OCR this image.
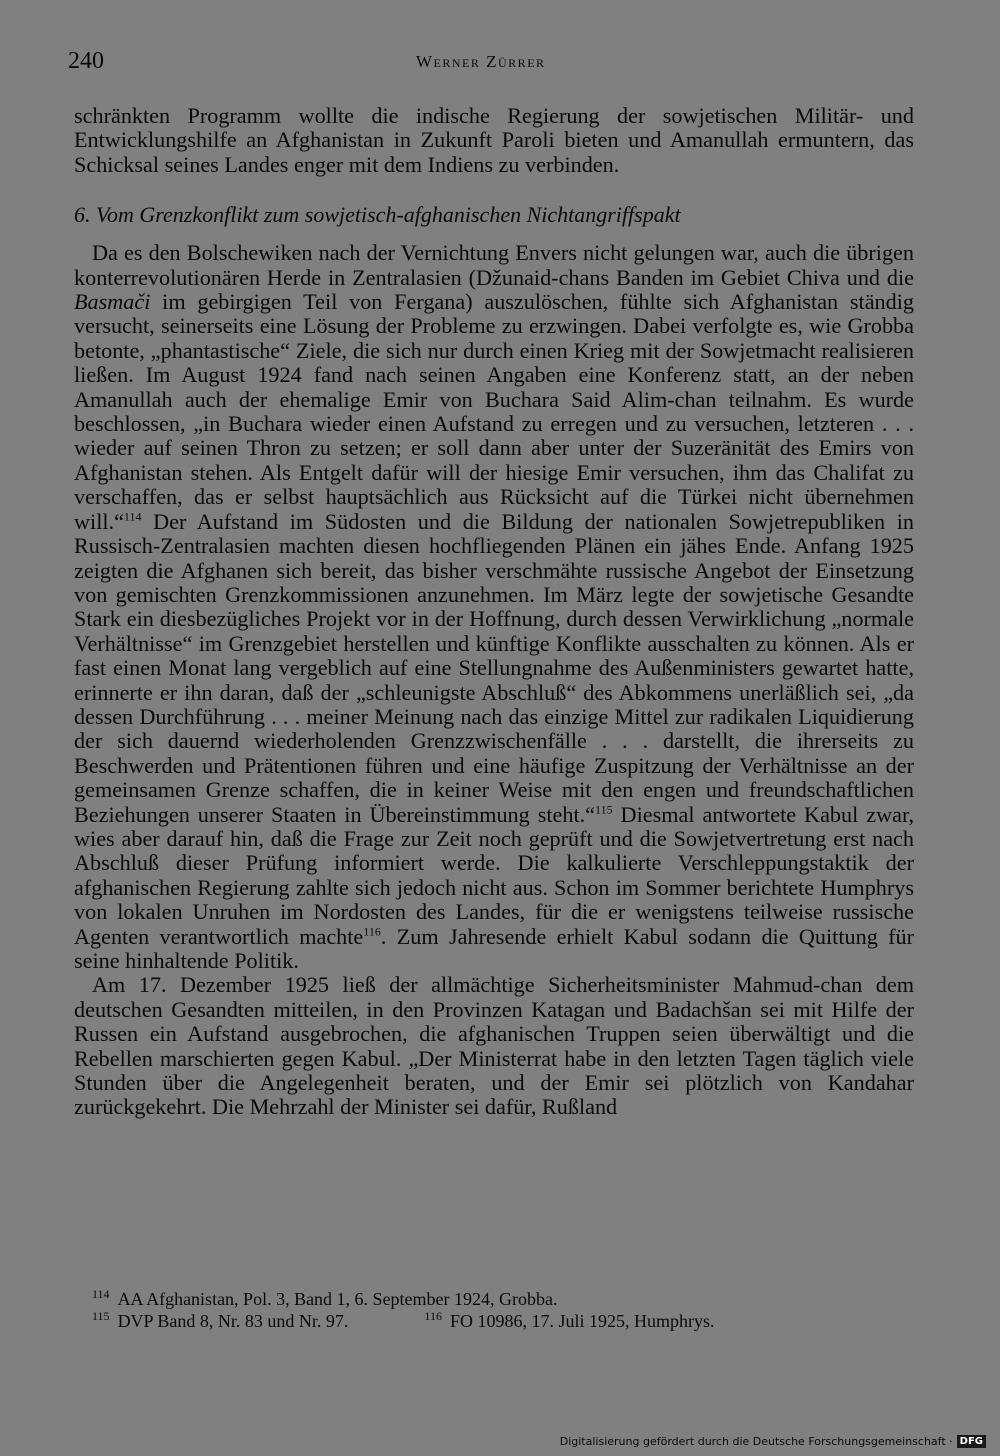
240	Werner Zürrer

schränkten Programm wollte die indische Regierung der sowjetischen Militär- und Entwicklungshilfe an Afghanistan in Zukunft Paroli bieten und Amanullah ermuntern, das Schicksal seines Landes enger mit dem Indiens zu verbinden.

6. Vom Grenzkonflikt zum sowjetisch-afghanischen Nichtangriffspakt

Da es den Bolschewiken nach der Vernichtung Envers nicht gelungen war, auch die übrigen konterrevolutionären Herde in Zentralasien (Džunaid-chans Banden im Gebiet Chiva und die Basmači im gebirgigen Teil von Fergana) auszulöschen, fühlte sich Afghanistan ständig versucht, seinerseits eine Lösung der Probleme zu erzwingen. Dabei verfolgte es, wie Grobba betonte, „phantastische“ Ziele, die sich nur durch einen Krieg mit der Sowjetmacht realisieren ließen. Im August 1924 fand nach seinen Angaben eine Konferenz statt, an der neben Amanullah auch der ehemalige Emir von Buchara Said Alim-chan teilnahm. Es wurde beschlossen, „in Buchara wieder einen Aufstand zu erregen und zu versuchen, letzteren . . . wieder auf seinen Thron zu setzen; er soll dann aber unter der Suzeränität des Emirs von Afghanistan stehen. Als Entgelt dafür will der hiesige Emir versuchen, ihm das Chalifat zu verschaffen, das er selbst hauptsächlich aus Rücksicht auf die Türkei nicht übernehmen will.“$^{114}$ Der Aufstand im Südosten und die Bildung der nationalen Sowjetrepubliken in Russisch-Zentralasien machten diesen hochfliegenden Plänen ein jähes Ende. Anfang 1925 zeigten die Afghanen sich bereit, das bisher verschmähte russische Angebot der Einsetzung von gemischten Grenzkommissionen anzunehmen. Im März legte der sowjetische Gesandte Stark ein diesbezügliches Projekt vor in der Hoffnung, durch dessen Verwirklichung „normale Verhältnisse“ im Grenzgebiet herstellen und künftige Konflikte ausschalten zu können. Als er fast einen Monat lang vergeblich auf eine Stellungnahme des Außenministers gewartet hatte, erinnerte er ihn daran, daß der „schleunigste Abschluß“ des Abkommens unerläßlich sei, „da dessen Durchführung . . . meiner Meinung nach das einzige Mittel zur radikalen Liquidierung der sich dauernd wiederholenden Grenzzwischenfälle . . . darstellt, die ihrerseits zu Beschwerden und Prätentionen führen und eine häufige Zuspitzung der Verhältnisse an der gemeinsamen Grenze schaffen, die in keiner Weise mit den engen und freundschaftlichen Beziehungen unserer Staaten in Übereinstimmung steht.“$^{115}$ Diesmal antwortete Kabul zwar, wies aber darauf hin, daß die Frage zur Zeit noch geprüft und die Sowjetvertretung erst nach Abschluß dieser Prüfung informiert werde. Die kalkulierte Verschleppungstaktik der afghanischen Regierung zahlte sich jedoch nicht aus. Schon im Sommer berichtete Humphrys von lokalen Unruhen im Nordosten des Landes, für die er wenigstens teilweise russische Agenten verantwortlich machte$^{116}$. Zum Jahresende erhielt Kabul sodann die Quittung für seine hinhaltende Politik.

Am 17. Dezember 1925 ließ der allmächtige Sicherheitsminister Mahmud-chan dem deutschen Gesandten mitteilen, in den Provinzen Katagan und Badachšan sei mit Hilfe der Russen ein Aufstand ausgebrochen, die afghanischen Truppen seien überwältigt und die Rebellen marschierten gegen Kabul. „Der Ministerrat habe in den letzten Tagen täglich viele Stunden über die Angelegenheit beraten, und der Emir sei plötzlich von Kandahar zurückgekehrt. Die Mehrzahl der Minister sei dafür, Rußland

$^{114}$ AA Afghanistan, Pol. 3, Band 1, 6. September 1924, Grobba.
$^{115}$ DVP Band 8, Nr. 83 und Nr. 97.	$^{116}$ FO 10986, 17. Juli 1925, Humphrys.
Digitalisierung gefördert durch die Deutsche Forschungsgemeinschaft · DFG
